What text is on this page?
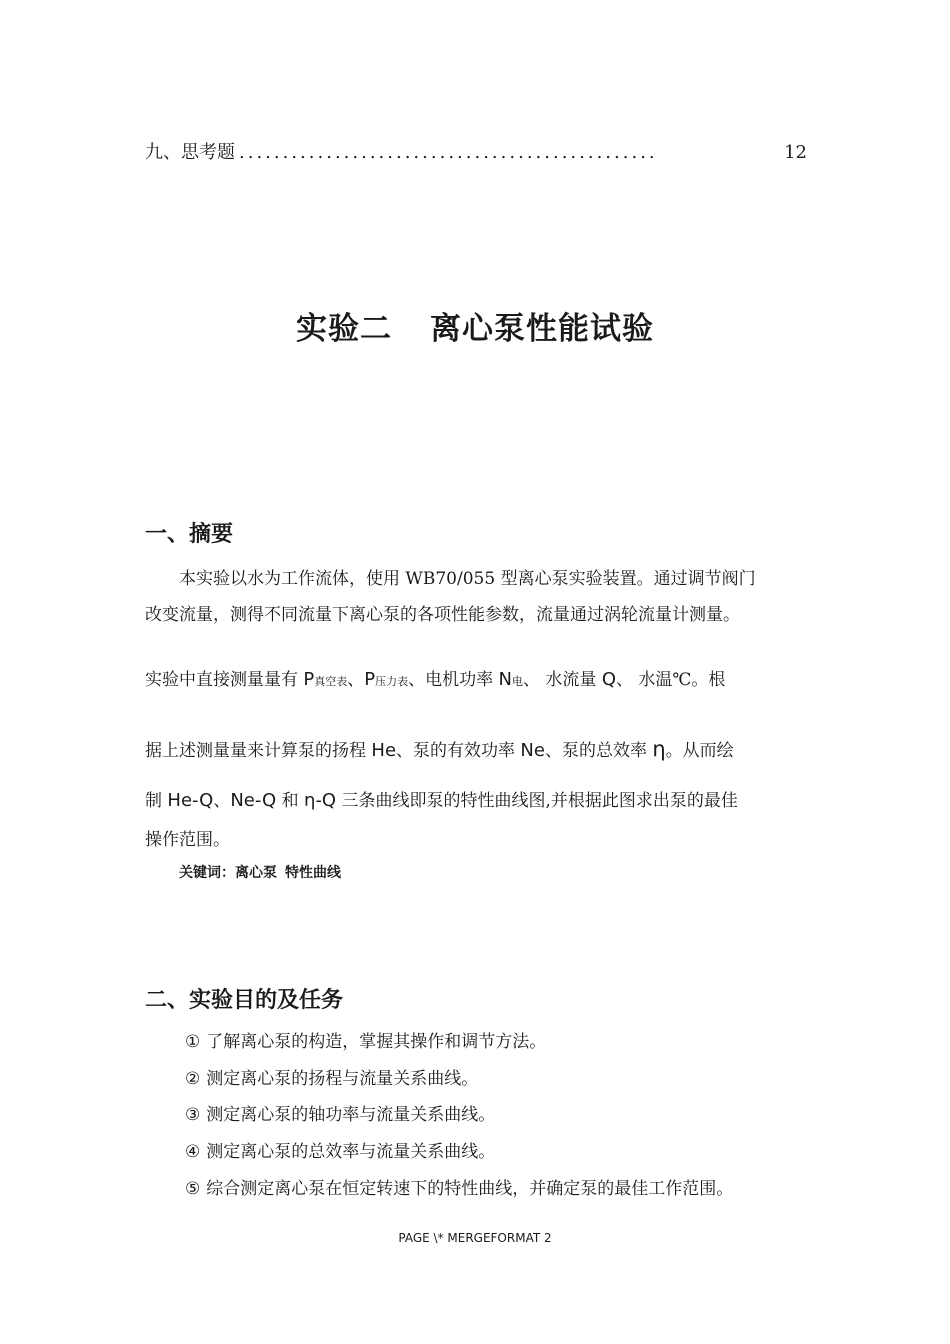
九、思考题 ................................................	12
实验二 离心泵性能试验
一、摘要
本实验以水为工作流体，使用 WB70/055 型离心泵实验装置。通过调节阀门
改变流量，测得不同流量下离心泵的各项性能参数，流量通过涡轮流量计测量。
实验中直接测量量有 P真空表、P压力表、电机功率 N电、 水流量 Q、 水温℃。根
据上述测量量来计算泵的扬程 He、泵的有效功率 Ne、泵的总效率 η。从而绘
制 He-Q、Ne-Q 和 η-Q 三条曲线即泵的特性曲线图,并根据此图求出泵的最佳
操作范围。
关键词：离心泵 特性曲线
二、实验目的及任务
① 了解离心泵的构造，掌握其操作和调节方法。
② 测定离心泵的扬程与流量关系曲线。
③ 测定离心泵的轴功率与流量关系曲线。
④ 测定离心泵的总效率与流量关系曲线。
⑤ 综合测定离心泵在恒定转速下的特性曲线，并确定泵的最佳工作范围。
PAGE \* MERGEFORMAT 2
